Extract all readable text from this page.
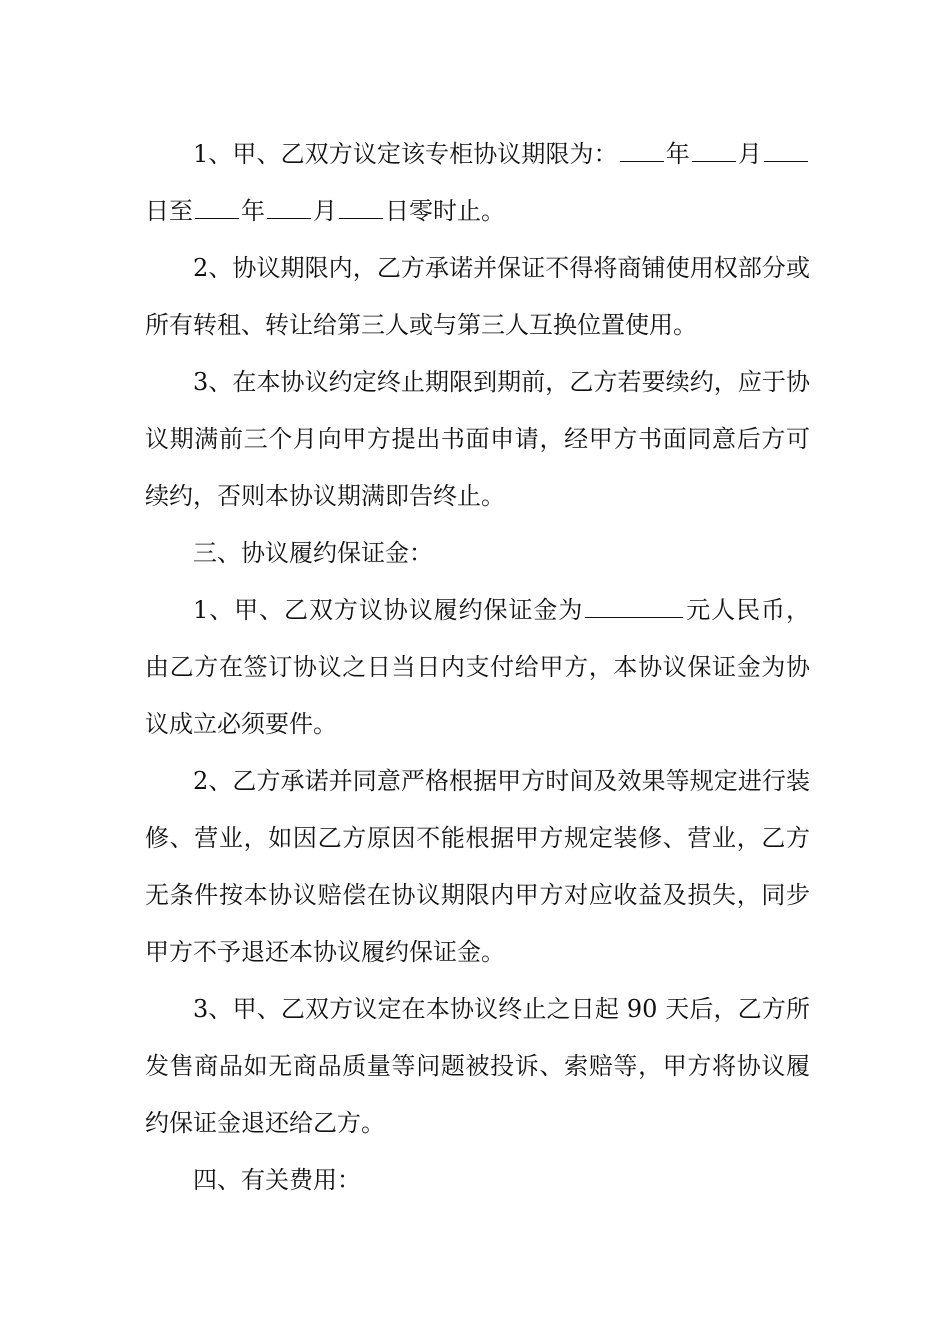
1、甲、乙双方议定该专柜协议期限为： 年 月日至 年 月 日零时止。

2、协议期限内，乙方承诺并保证不得将商铺使用权部分或所有转租、转让给第三人或与第三人互换位置使用。

3、在本协议约定终止期限到期前，乙方若要续约，应于协议期满前三个月向甲方提出书面申请，经甲方书面同意后方可续约，否则本协议期满即告终止。

三、协议履约保证金：

1、甲、乙双方议协议履约保证金为	元人民币，由乙方在签订协议之日当日内支付给甲方，本协议保证金为协议成立必须要件。

2、乙方承诺并同意严格根据甲方时间及效果等规定进行装修、营业，如因乙方原因不能根据甲方规定装修、营业，乙方无条件按本协议赔偿在协议期限内甲方对应收益及损失，同步甲方不予退还本协议履约保证金。

3、甲、乙双方议定在本协议终止之日起 90 天后，乙方所发售商品如无商品质量等问题被投诉、索赔等，甲方将协议履约保证金退还给乙方。

四、有关费用：
